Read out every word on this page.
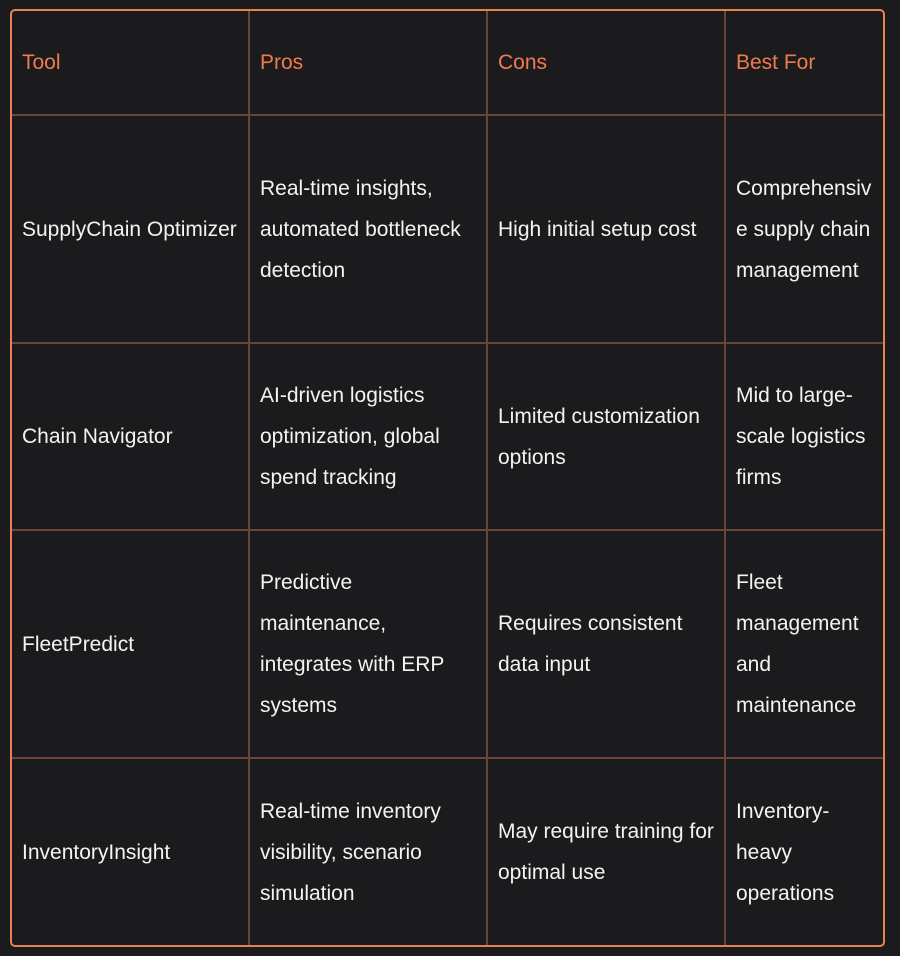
Tool	Pros	Cons	Best For
SupplyChain Optimizer	Real-time insights, automated bottleneck detection	High initial setup cost	Comprehensive supply chain management
Chain Navigator	AI-driven logistics optimization, global spend tracking	Limited customization options	Mid to large-scale logistics firms
FleetPredict	Predictive maintenance, integrates with ERP systems	Requires consistent data input	Fleet management and maintenance
InventoryInsight	Real-time inventory visibility, scenario simulation	May require training for optimal use	Inventory-heavy operations
